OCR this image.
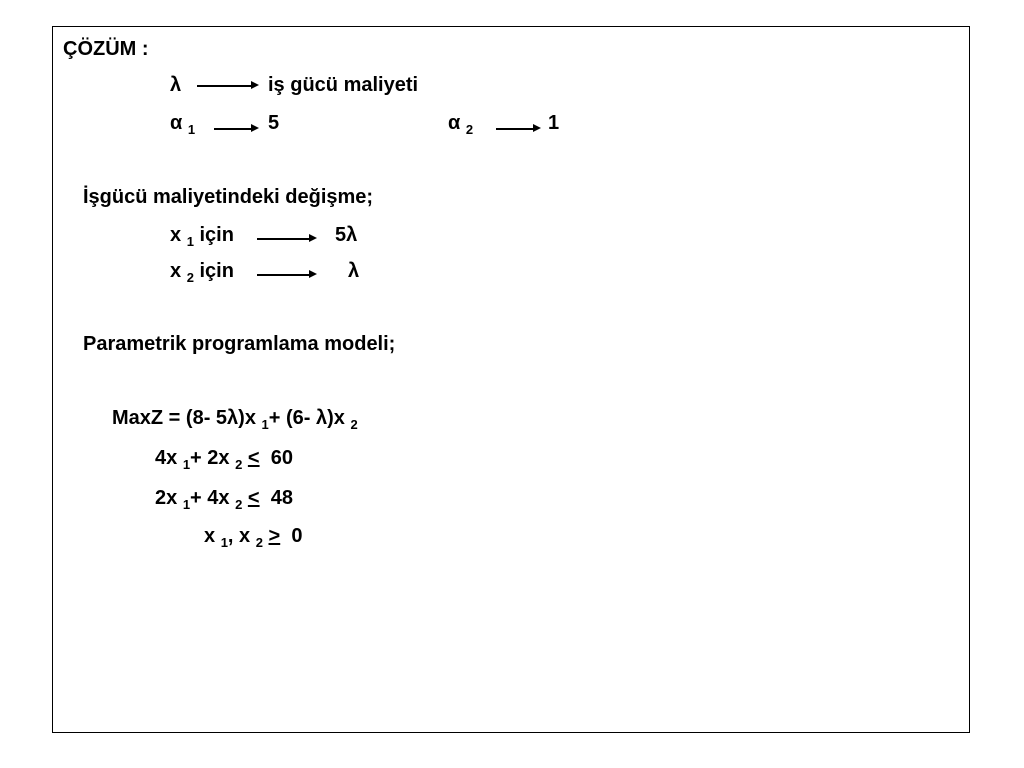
ÇÖZÜM :
λ	iş gücü maliyeti
α $_1$	5	α $_2$	1
İşgücü maliyetindeki değişme;
x $_1$ için	5λ
x $_2$ için	λ
Parametrik programlama modeli;
MaxZ = (8- 5λ)x $_1$+ (6- λ)x $_2$
4x $_1$+ 2x $_2$ < 60
2x $_1$+ 4x $_2$ < 48
x $_1$, x $_2$ > 0
